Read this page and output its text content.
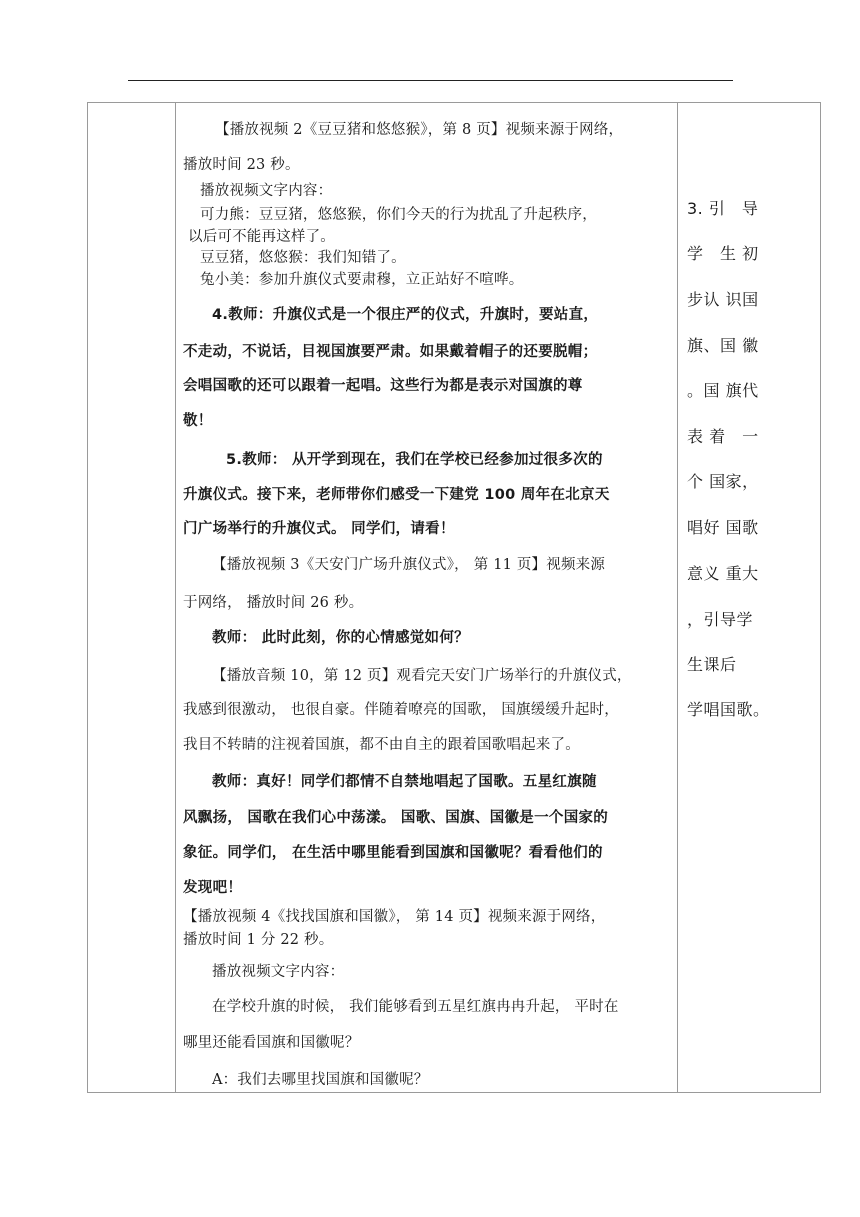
【播放视频 2《豆豆猪和悠悠猴》，第 8 页】视频来源于网络，
播放时间 23 秒。
播放视频文字内容：
可力熊：豆豆猪，悠悠猴，你们今天的行为扰乱了升起秩序，
以后可不能再这样了。
豆豆猪，悠悠猴：我们知错了。
兔小美：参加升旗仪式要肃穆，立正站好不喧哗。
4.教师：升旗仪式是一个很庄严的仪式，升旗时，要站直，
不走动，不说话，目视国旗要严肃。如果戴着帽子的还要脱帽；
会唱国歌的还可以跟着一起唱。这些行为都是表示对国旗的尊
敬！
5.教师： 从开学到现在，我们在学校已经参加过很多次的
升旗仪式。接下来，老师带你们感受一下建党 100 周年在北京天
门广场举行的升旗仪式。 同学们，请看！
【播放视频 3《天安门广场升旗仪式》， 第 11 页】视频来源
于网络， 播放时间 26 秒。
教师： 此时此刻，你的心情感觉如何？
【播放音频 10，第 12 页】观看完天安门广场举行的升旗仪式，
我感到很激动， 也很自豪。伴随着嘹亮的国歌， 国旗缓缓升起时，
我目不转睛的注视着国旗，都不由自主的跟着国歌唱起来了。
教师：真好！同学们都情不自禁地唱起了国歌。五星红旗随
风飘扬， 国歌在我们心中荡漾。 国歌、国旗、国徽是一个国家的
象征。同学们， 在生活中哪里能看到国旗和国徽呢？看看他们的
发现吧！
【播放视频 4《找找国旗和国徽》， 第 14 页】视频来源于网络，
播放时间 1 分 22 秒。
播放视频文字内容：
在学校升旗的时候， 我们能够看到五星红旗冉冉升起， 平时在
哪里还能看国旗和国徽呢？
A：我们去哪里找国旗和国徽呢？
3. 引　导
学　生 初
步认 识国
旗、国 徽
。国 旗代
表 着　一
个 国家，
唱好 国歌
意义 重大
，引导学
生课后
学唱国歌。
